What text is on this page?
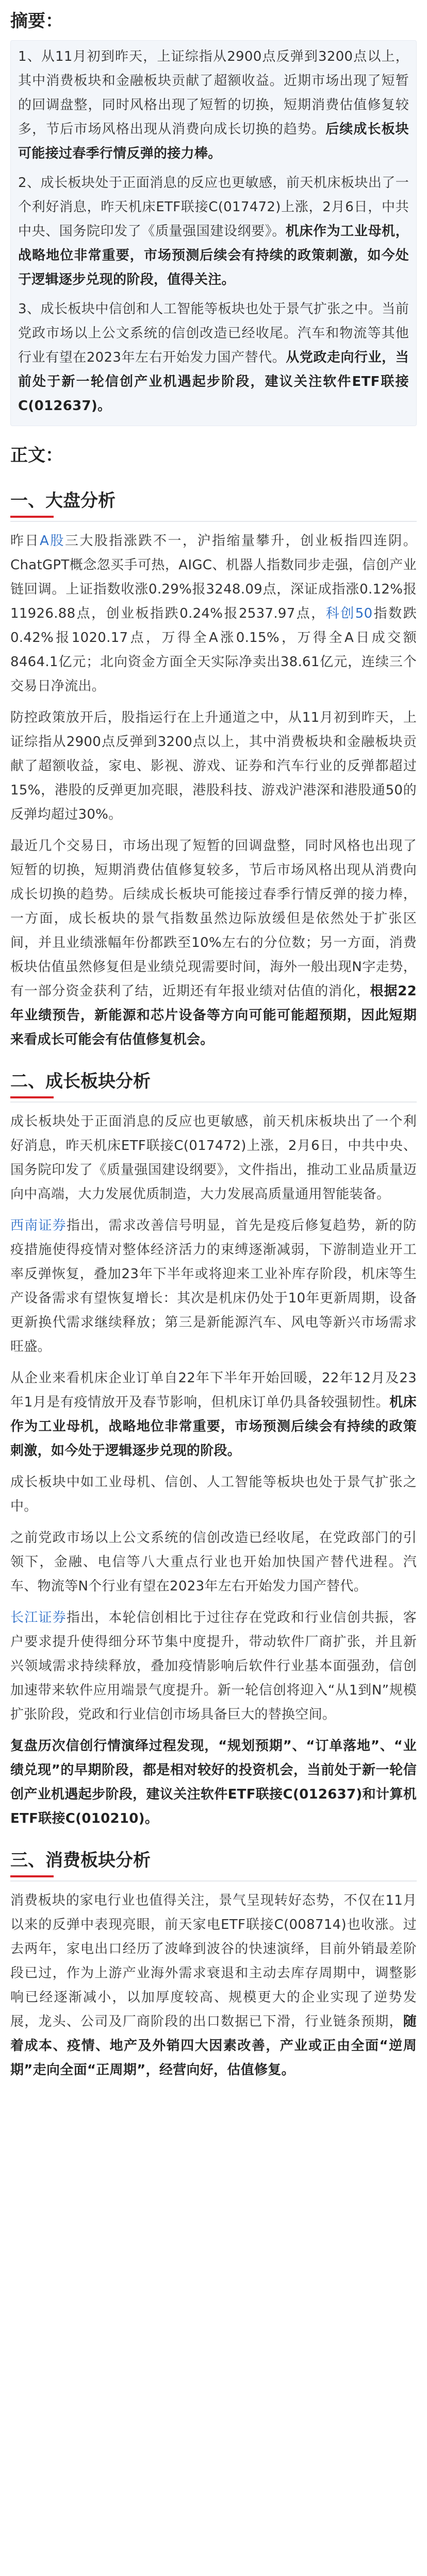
摘要：

1、从11月初到昨天，上证综指从2900点反弹到3200点以上，其中消费板块和金融板块贡献了超额收益。近期市场出现了短暂的回调盘整，同时风格出现了短暂的切换，短期消费估值修复较多，节后市场风格出现从消费向成长切换的趋势。后续成长板块可能接过春季行情反弹的接力棒。

2、成长板块处于正面消息的反应也更敏感，前天机床板块出了一个利好消息，昨天机床ETF联接C(017472)上涨，2月6日，中共中央、国务院印发了《质量强国建设纲要》。机床作为工业母机，战略地位非常重要，市场预测后续会有持续的政策刺激，如今处于逻辑逐步兑现的阶段，值得关注。

3、成长板块中信创和人工智能等板块也处于景气扩张之中。当前党政市场以上公文系统的信创改造已经收尾。汽车和物流等其他行业有望在2023年左右开始发力国产替代。从党政走向行业，当前处于新一轮信创产业机遇起步阶段，建议关注软件ETF联接C(012637)。

正文：
一、大盘分析

昨日A股三大股指涨跌不一，沪指缩量攀升，创业板指四连阴。ChatGPT概念忽买手可热，AIGC、机器人指数同步走强，信创产业链回调。上证指数收涨0.29%报3248.09点，深证成指涨0.12%报11926.88点，创业板指跌0.24%报2537.97点，科创50指数跌0.42%报1020.17点，万得全A涨0.15%，万得全A日成交额8464.1亿元；北向资金方面全天实际净卖出38.61亿元，连续三个交易日净流出。

防控政策放开后，股指运行在上升通道之中，从11月初到昨天，上证综指从2900点反弹到3200点以上，其中消费板块和金融板块贡献了超额收益，家电、影视、游戏、证券和汽车行业的反弹都超过15%，港股的反弹更加亮眼，港股科技、游戏沪港深和港股通50的反弹均超过30%。

最近几个交易日，市场出现了短暂的回调盘整，同时风格也出现了短暂的切换，短期消费估值修复较多，节后市场风格出现从消费向成长切换的趋势。后续成长板块可能接过春季行情反弹的接力棒，一方面，成长板块的景气指数虽然边际放缓但是依然处于扩张区间，并且业绩涨幅年份都跌至10%左右的分位数；另一方面，消费板块估值虽然修复但是业绩兑现需要时间，海外一般出现N字走势，有一部分资金获利了结，近期还有年报业绩对估值的消化，根据22年业绩预告，新能源和芯片设备等方向可能可能超预期，因此短期来看成长可能会有估值修复机会。

二、成长板块分析

成长板块处于正面消息的反应也更敏感，前天机床板块出了一个利好消息，昨天机床ETF联接C(017472)上涨，2月6日，中共中央、国务院印发了《质量强国建设纲要》，文件指出，推动工业品质量迈向中高端，大力发展优质制造，大力发展高质量通用智能装备。

西南证券指出，需求改善信号明显，首先是疫后修复趋势，新的防疫措施使得疫情对整体经济活力的束缚逐渐减弱，下游制造业开工率反弹恢复，叠加23年下半年或将迎来工业补库存阶段，机床等生产设备需求有望恢复增长：其次是机床仍处于10年更新周期，设备更新换代需求继续释放；第三是新能源汽车、风电等新兴市场需求旺盛。

从企业来看机床企业订单自22年下半年开始回暖，22年12月及23年1月是有疫情放开及春节影响，但机床订单仍具备较强韧性。机床作为工业母机，战略地位非常重要，市场预测后续会有持续的政策刺激，如今处于逻辑逐步兑现的阶段。

成长板块中如工业母机、信创、人工智能等板块也处于景气扩张之中。

之前党政市场以上公文系统的信创改造已经收尾，在党政部门的引领下，金融、电信等八大重点行业也开始加快国产替代进程。汽车、物流等N个行业有望在2023年左右开始发力国产替代。

长江证券指出，本轮信创相比于过往存在党政和行业信创共振，客户要求提升使得细分环节集中度提升，带动软件厂商扩张，并且新兴领域需求持续释放，叠加疫情影响后软件行业基本面强劲，信创加速带来软件应用端景气度提升。新一轮信创将迎入“从1到N”规模扩张阶段，党政和行业信创市场具备巨大的替换空间。

复盘历次信创行情演绎过程发现，“规划预期”、“订单落地”、“业绩兑现”的早期阶段，都是相对较好的投资机会，当前处于新一轮信创产业机遇起步阶段，建议关注软件ETF联接C(012637)和计算机ETF联接C(010210)。

三、消费板块分析

消费板块的家电行业也值得关注，景气呈现转好态势，不仅在11月以来的反弹中表现亮眼，前天家电ETF联接C(008714)也收涨。过去两年，家电出口经历了波峰到波谷的快速演绎，目前外销最差阶段已过，作为上游产业海外需求衰退和主动去库存周期中，调整影响已经逐渐减小，以加厚度较高、规模更大的企业实现了逆势发展，龙头、公司及厂商阶段的出口数据已下滑，行业链条预期，随着成本、疫情、地产及外销四大因素改善，产业或正由全面“逆周期”走向全面“正周期”，经营向好，估值修复。
